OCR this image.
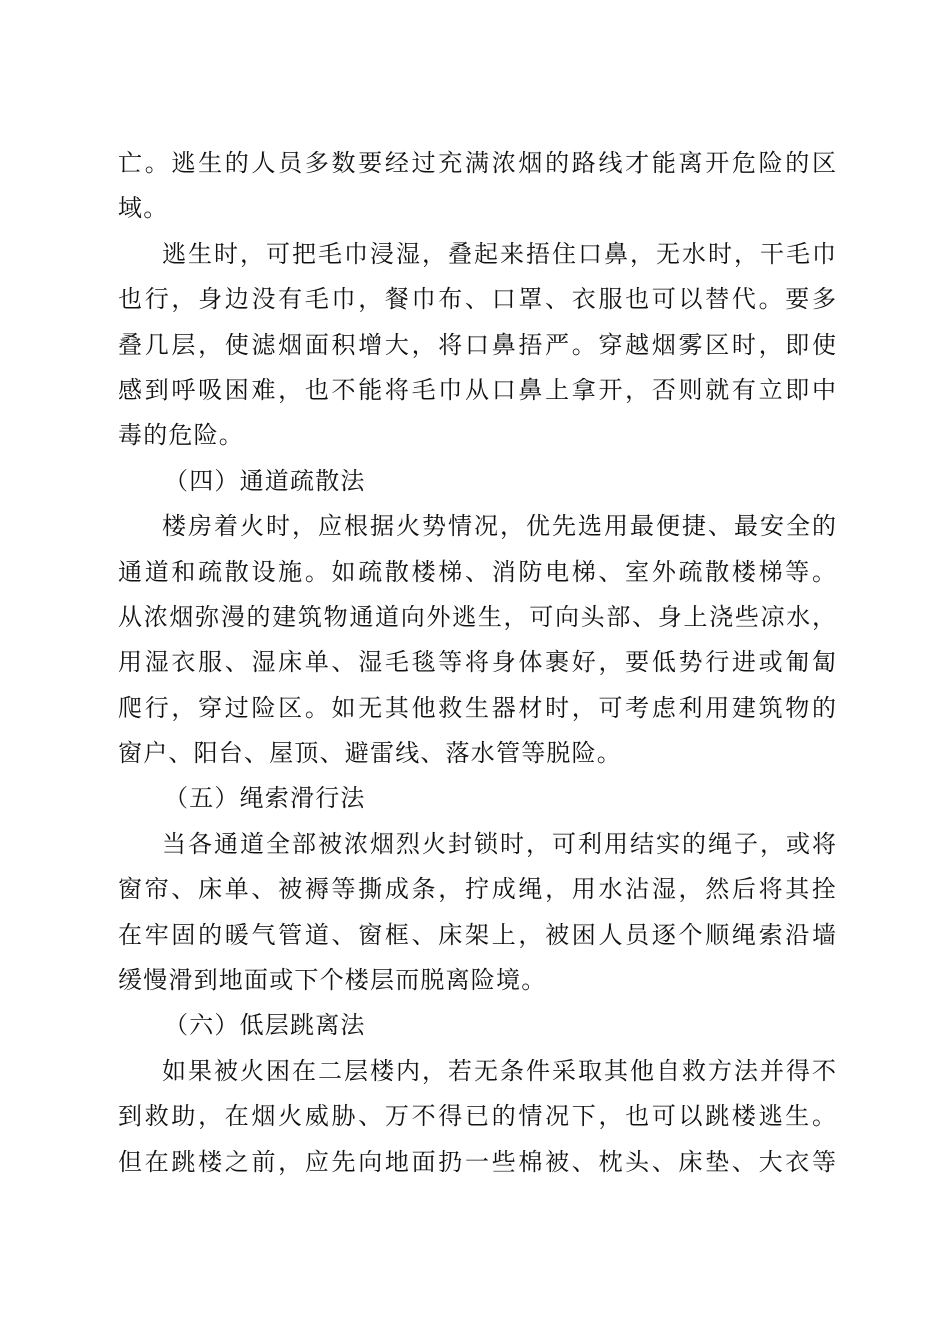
亡。逃生的人员多数要经过充满浓烟的路线才能离开危险的区
域。
逃生时，可把毛巾浸湿，叠起来捂住口鼻，无水时，干毛巾
也行，身边没有毛巾，餐巾布、口罩、衣服也可以替代。要多
叠几层，使滤烟面积增大，将口鼻捂严。穿越烟雾区时，即使
感到呼吸困难，也不能将毛巾从口鼻上拿开，否则就有立即中
毒的危险。
（四）通道疏散法
楼房着火时，应根据火势情况，优先选用最便捷、最安全的
通道和疏散设施。如疏散楼梯、消防电梯、室外疏散楼梯等。
从浓烟弥漫的建筑物通道向外逃生，可向头部、身上浇些凉水，
用湿衣服、湿床单、湿毛毯等将身体裹好，要低势行进或匍匐
爬行，穿过险区。如无其他救生器材时，可考虑利用建筑物的
窗户、阳台、屋顶、避雷线、落水管等脱险。
（五）绳索滑行法
当各通道全部被浓烟烈火封锁时，可利用结实的绳子，或将
窗帘、床单、被褥等撕成条，拧成绳，用水沾湿，然后将其拴
在牢固的暖气管道、窗框、床架上，被困人员逐个顺绳索沿墙
缓慢滑到地面或下个楼层而脱离险境。
（六）低层跳离法
如果被火困在二层楼内，若无条件采取其他自救方法并得不
到救助，在烟火威胁、万不得已的情况下，也可以跳楼逃生。
但在跳楼之前，应先向地面扔一些棉被、枕头、床垫、大衣等
